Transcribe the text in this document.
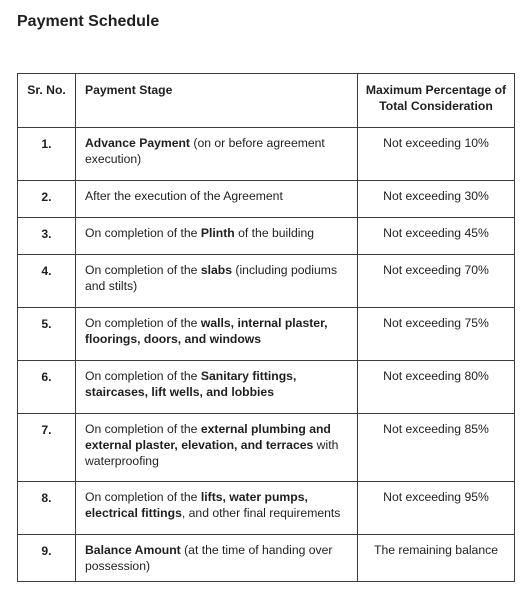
Payment Schedule
Sr. No.	Payment Stage	Maximum Percentage of Total Consideration
1.	Advance Payment (on or before agreement execution)	Not exceeding 10%
2.	After the execution of the Agreement	Not exceeding 30%
3.	On completion of the Plinth of the building	Not exceeding 45%
4.	On completion of the slabs (including podiums and stilts)	Not exceeding 70%
5.	On completion of the walls, internal plaster, floorings, doors, and windows	Not exceeding 75%
6.	On completion of the Sanitary fittings, staircases, lift wells, and lobbies	Not exceeding 80%
7.	On completion of the external plumbing and external plaster, elevation, and terraces with waterproofing	Not exceeding 85%
8.	On completion of the lifts, water pumps, electrical fittings, and other final requirements	Not exceeding 95%
9.	Balance Amount (at the time of handing over possession)	The remaining balance
